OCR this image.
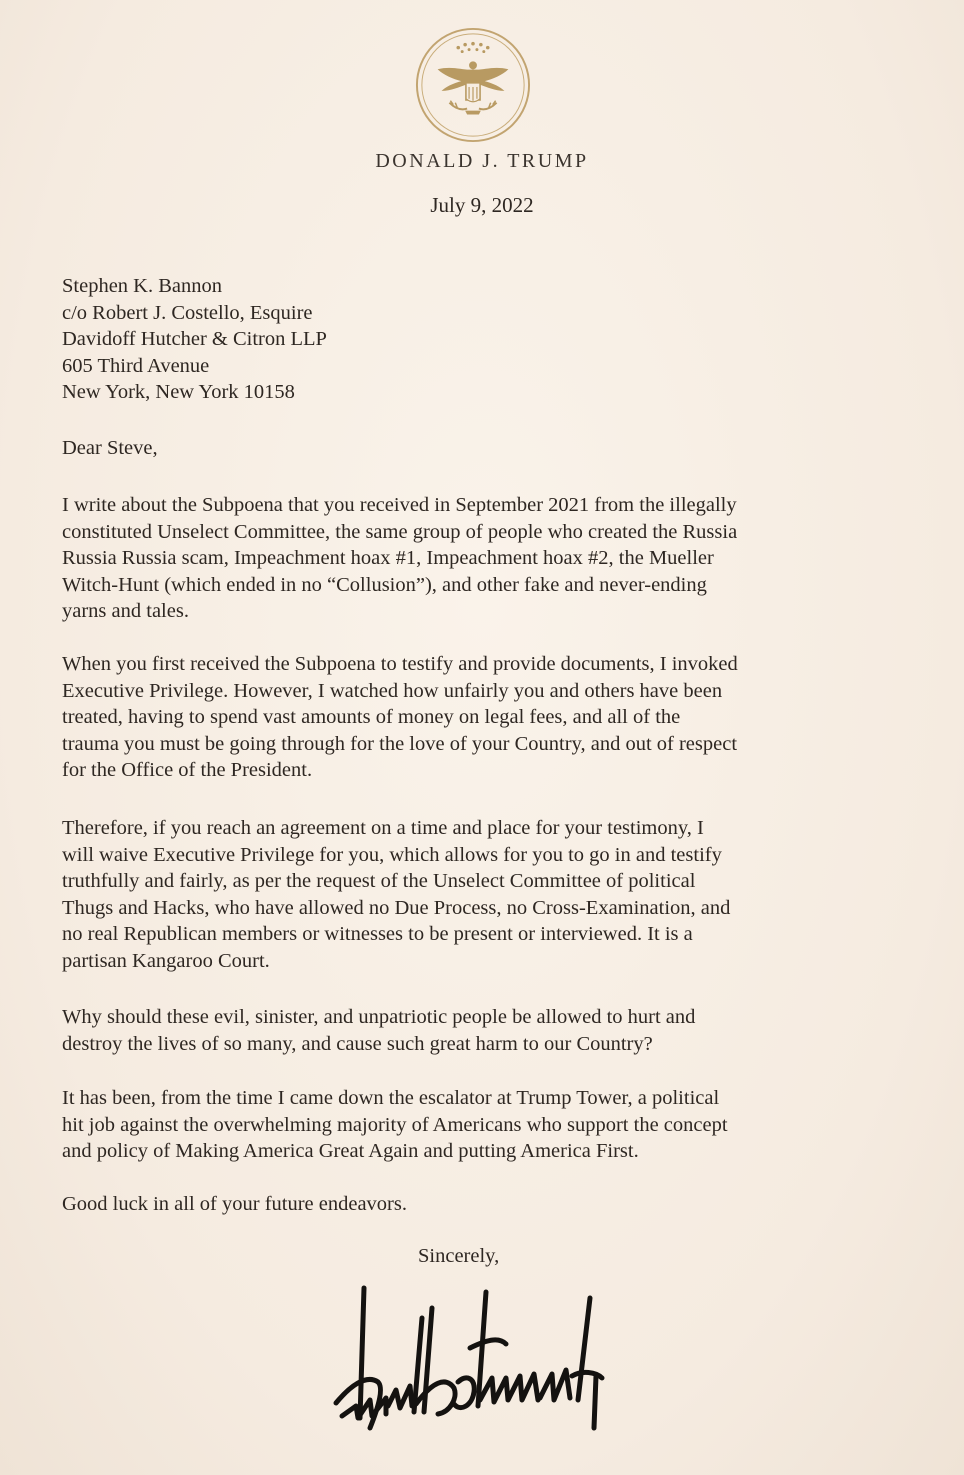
DONALD J. TRUMP
July 9, 2022
Stephen K. Bannon
c/o Robert J. Costello, Esquire
Davidoff Hutcher & Citron LLP
605 Third Avenue
New York, New York 10158
Dear Steve,
I write about the Subpoena that you received in September 2021 from the illegally
constituted Unselect Committee, the same group of people who created the Russia
Russia Russia scam, Impeachment hoax #1, Impeachment hoax #2, the Mueller
Witch-Hunt (which ended in no “Collusion”), and other fake and never-ending
yarns and tales.
When you first received the Subpoena to testify and provide documents, I invoked
Executive Privilege. However, I watched how unfairly you and others have been
treated, having to spend vast amounts of money on legal fees, and all of the
trauma you must be going through for the love of your Country, and out of respect
for the Office of the President.
Therefore, if you reach an agreement on a time and place for your testimony, I
will waive Executive Privilege for you, which allows for you to go in and testify
truthfully and fairly, as per the request of the Unselect Committee of political
Thugs and Hacks, who have allowed no Due Process, no Cross-Examination, and
no real Republican members or witnesses to be present or interviewed. It is a
partisan Kangaroo Court.
Why should these evil, sinister, and unpatriotic people be allowed to hurt and
destroy the lives of so many, and cause such great harm to our Country?
It has been, from the time I came down the escalator at Trump Tower, a political
hit job against the overwhelming majority of Americans who support the concept
and policy of Making America Great Again and putting America First.
Good luck in all of your future endeavors.
Sincerely,
